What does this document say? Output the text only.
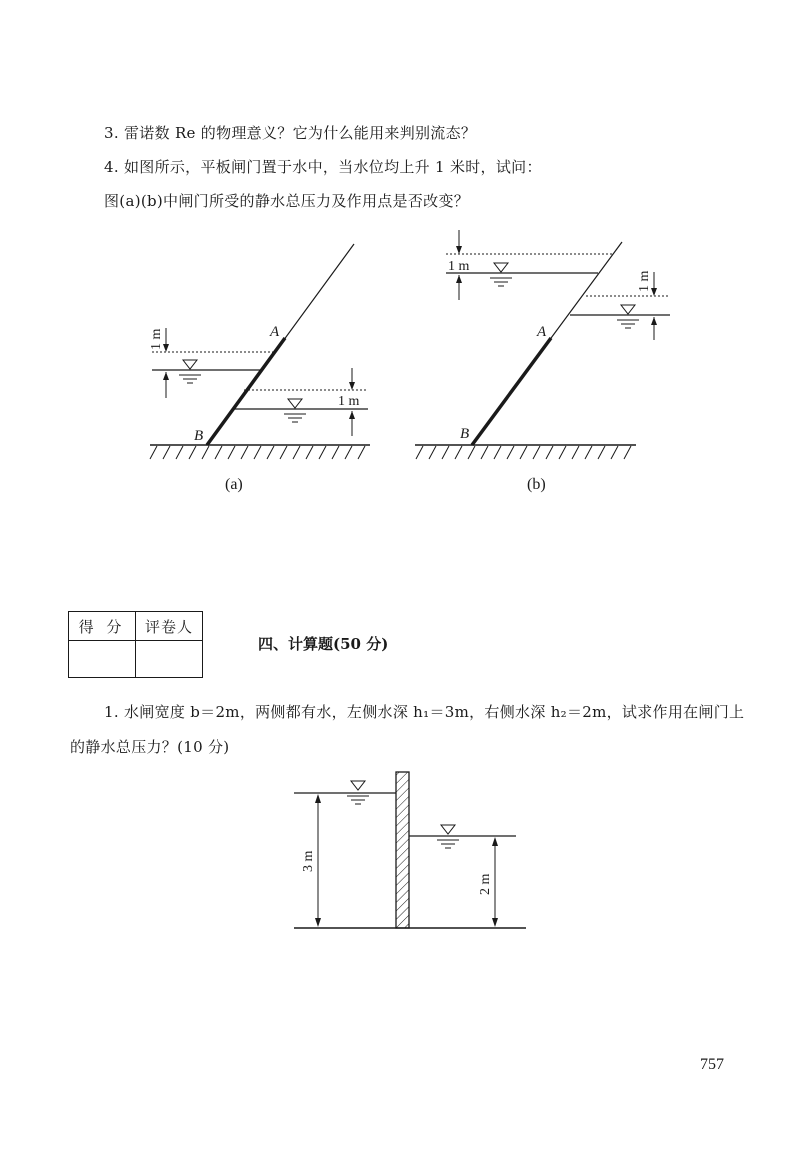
3. 雷诺数 Re 的物理意义？它为什么能用来判别流态？
4. 如图所示，平板闸门置于水中，当水位均上升 1 米时，试问：
图(a)(b)中闸门所受的静水总压力及作用点是否改变？
A
B
1 m
1 m
A
B
1 m
1 m
(a)	(b)
得 分	评卷人

四、计算题(50 分)
1. 水闸宽度 b＝2m，两侧都有水，左侧水深 h₁＝3m，右侧水深 h₂＝2m，试求作用在闸门上
的静水总压力？(10 分)
3 m
2 m
757
